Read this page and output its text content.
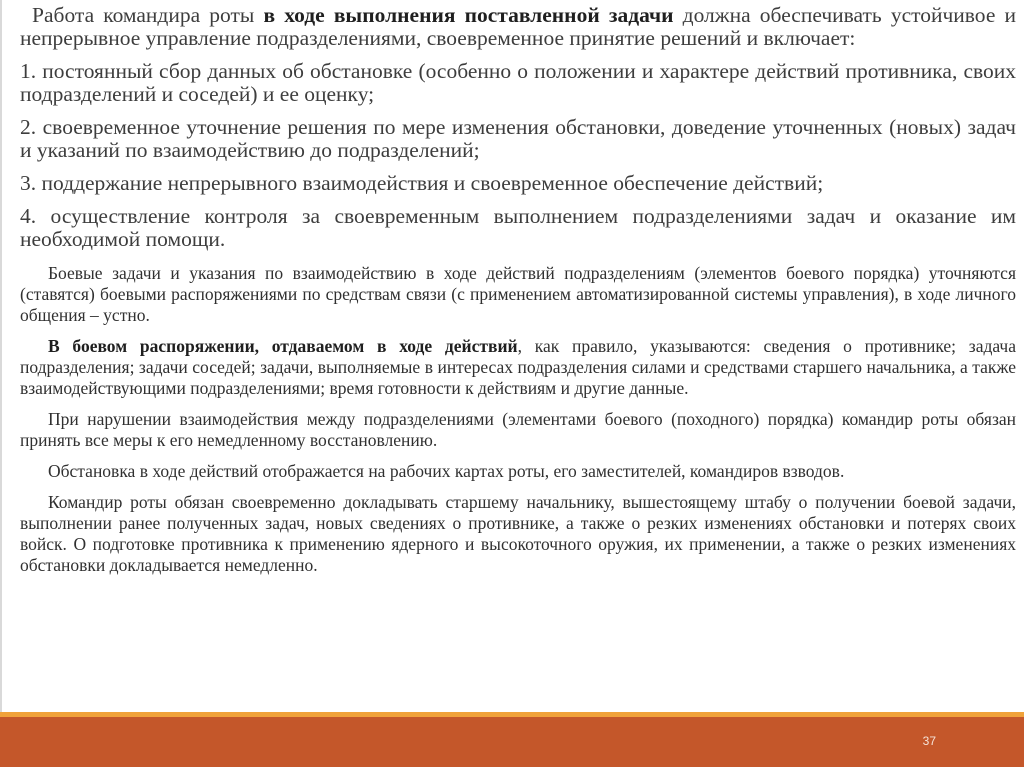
Работа командира роты в ходе выполнения поставленной задачи должна обеспечивать устойчивое и непрерывное управление подразделениями, своевременное принятие решений и включает:

1. постоянный сбор данных об обстановке (особенно о положении и характере действий противника, своих подразделений и соседей) и ее оценку;

2. своевременное уточнение решения по мере изменения обстановки, доведение уточненных (новых) задач и указаний по взаимодействию до подразделений;

3. поддержание непрерывного взаимодействия и своевременное обеспечение действий;

4. осуществление контроля за своевременным выполнением подразделениями задач и оказание им необходимой помощи.

Боевые задачи и указания по взаимодействию в ходе действий подразделениям (элементов боевого порядка) уточняются (ставятся) боевыми распоряжениями по средствам связи (с применением автоматизированной системы управления), в ходе личного общения – устно.

В боевом распоряжении, отдаваемом в ходе действий, как правило, указываются: сведения о противнике; задача подразделения; задачи соседей; задачи, выполняемые в интересах подразделения силами и средствами старшего начальника, а также взаимодействующими подразделениями; время готовности к действиям и другие данные.

При нарушении взаимодействия между подразделениями (элементами боевого (походного) порядка) командир роты обязан принять все меры к его немедленному восстановлению.

Обстановка в ходе действий отображается на рабочих картах роты, его заместителей, командиров взводов.

Командир роты обязан своевременно докладывать старшему начальнику, вышестоящему штабу о получении боевой задачи, выполнении ранее полученных задач, новых сведениях о противнике, а также о резких изменениях обстановки и потерях своих войск. О подготовке противника к применению ядерного и высокоточного оружия, их применении, а также о резких изменениях обстановки докладывается немедленно.

37
